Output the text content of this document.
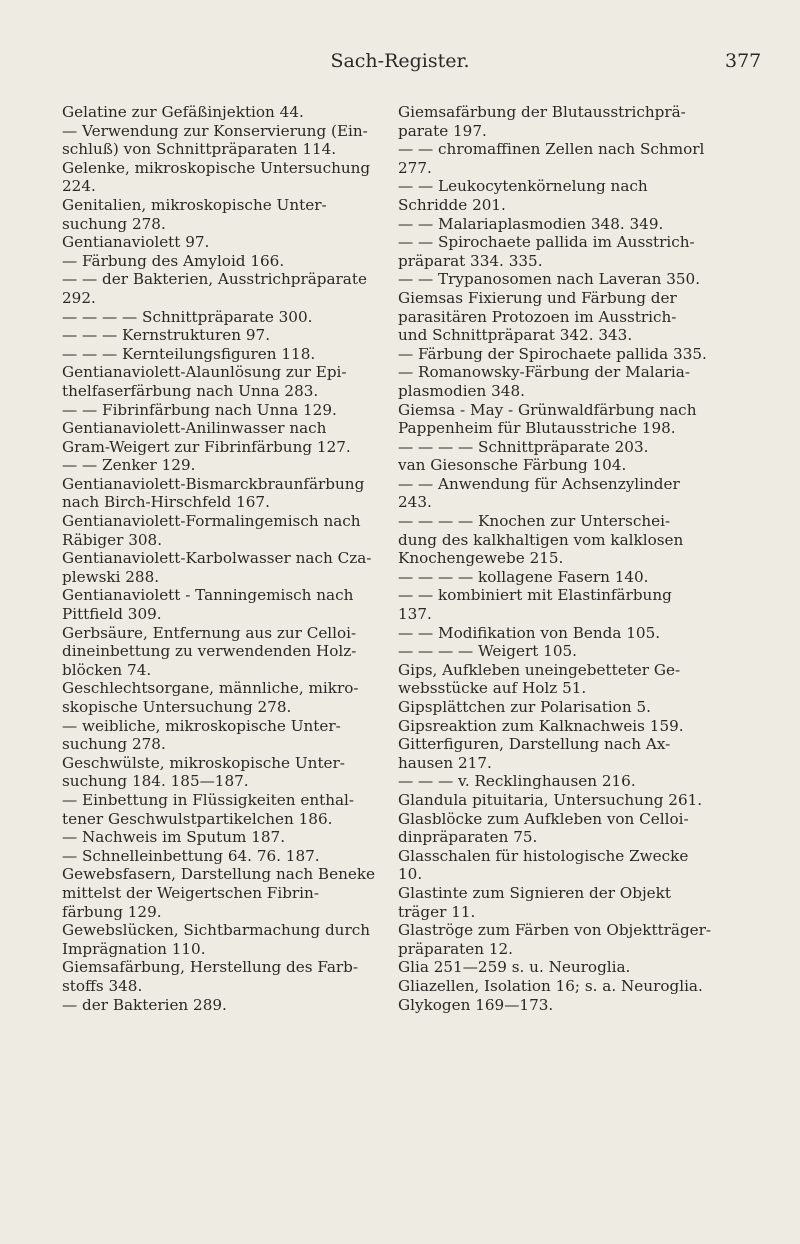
Sach-Register.	377
Gelatine zur Gefäßinjektion 44.
— Verwendung zur Konservierung (Ein-
schluß) von Schnittpräparaten 114.
Gelenke, mikroskopische Untersuchung
224.
Genitalien, mikroskopische Unter-
suchung 278.
Gentianaviolett 97.
— Färbung des Amyloid 166.
— — der Bakterien, Ausstrichpräparate
292.
— — — — Schnittpräparate 300.
— — — Kernstrukturen 97.
— — — Kernteilungsfiguren 118.
Gentianaviolett-Alaunlösung zur Epi-
thelfaserfärbung nach Unna 283.
— — Fibrinfärbung nach Unna 129.
Gentianaviolett-Anilinwasser nach
Gram-Weigert zur Fibrinfärbung 127.
— — Zenker 129.
Gentianaviolett-Bismarckbraunfärbung
nach Birch-Hirschfeld 167.
Gentianaviolett-Formalingemisch nach
Räbiger 308.
Gentianaviolett-Karbolwasser nach Cza-
plewski 288.
Gentianaviolett - Tanningemisch nach
Pittfield 309.
Gerbsäure, Entfernung aus zur Celloi-
dineinbettung zu verwendenden Holz-
blöcken 74.
Geschlechtsorgane, männliche, mikro-
skopische Untersuchung 278.
— weibliche, mikroskopische Unter-
suchung 278.
Geschwülste, mikroskopische Unter-
suchung 184. 185—187.
— Einbettung in Flüssigkeiten enthal-
tener Geschwulstpartikelchen 186.
— Nachweis im Sputum 187.
— Schnelleinbettung 64. 76. 187.
Gewebsfasern, Darstellung nach Beneke
mittelst der Weigertschen Fibrin-
färbung 129.
Gewebslücken, Sichtbarmachung durch
Imprägnation 110.
Giemsafärbung, Herstellung des Farb-
stoffs 348.
— der Bakterien 289.
Giemsafärbung der Blutausstrichprä-
parate 197.
— — chromaffinen Zellen nach Schmorl
277.
— — Leukocytenkörnelung nach
Schridde 201.
— — Malariaplasmodien 348. 349.
— — Spirochaete pallida im Ausstrich-
präparat 334. 335.
— — Trypanosomen nach Laveran 350.
Giemsas Fixierung und Färbung der
parasitären Protozoen im Ausstrich-
und Schnittpräparat 342. 343.
— Färbung der Spirochaete pallida 335.
— Romanowsky-Färbung der Malaria-
plasmodien 348.
Giemsa - May - Grünwaldfärbung nach
Pappenheim für Blutausstriche 198.
— — — — Schnittpräparate 203.
van Giesonsche Färbung 104.
— — Anwendung für Achsenzylinder
243.
— — — — Knochen zur Unterschei-
dung des kalkhaltigen vom kalklosen
Knochengewebe 215.
— — — — kollagene Fasern 140.
— — kombiniert mit Elastinfärbung
137.
— — Modifikation von Benda 105.
— — — — Weigert 105.
Gips, Aufkleben uneingebetteter Ge-
websstücke auf Holz 51.
Gipsplättchen zur Polarisation 5.
Gipsreaktion zum Kalknachweis 159.
Gitterfiguren, Darstellung nach Ax-
hausen 217.
— — — v. Recklinghausen 216.
Glandula pituitaria, Untersuchung 261.
Glasblöcke zum Aufkleben von Celloi-
dinpräparaten 75.
Glasschalen für histologische Zwecke
10.
Glastinte zum Signieren der Objekt
träger 11.
Glaströge zum Färben von Objektträger-
präparaten 12.
Glia 251—259 s. u. Neuroglia.
Gliazellen, Isolation 16; s. a. Neuroglia.
Glykogen 169—173.
